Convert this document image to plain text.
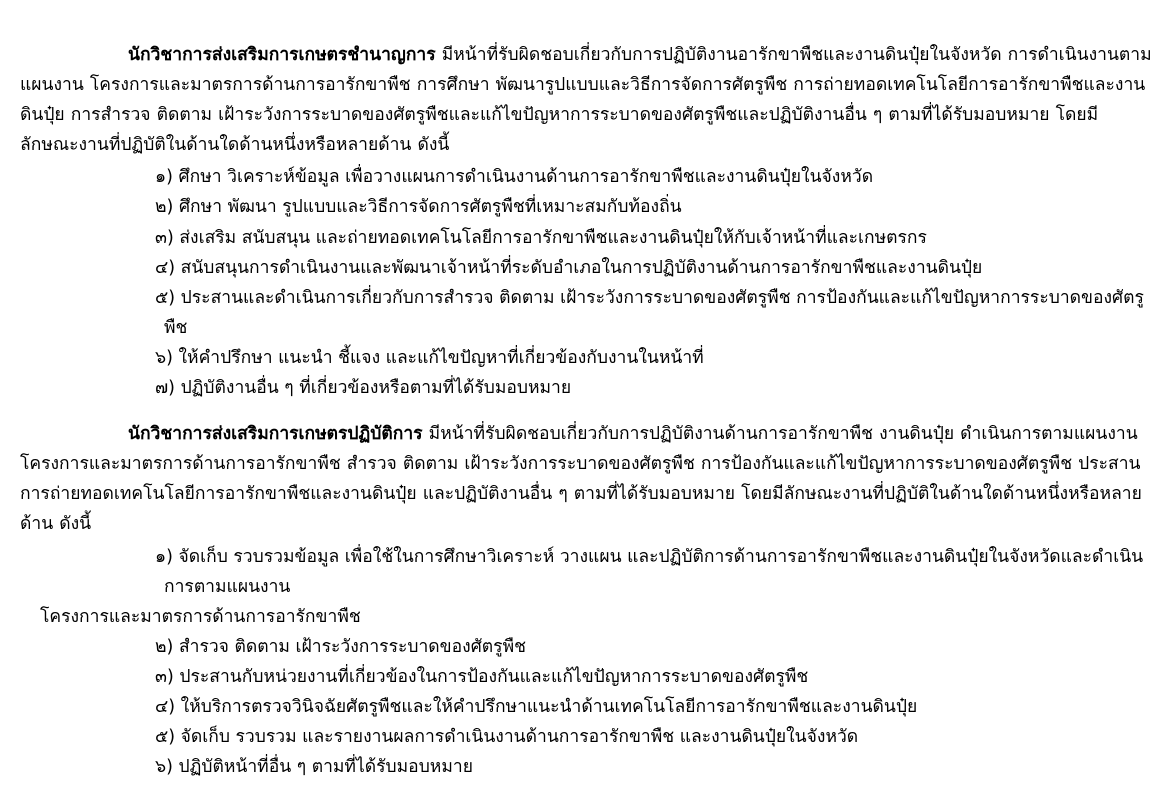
นักวิชาการส่งเสริมการเกษตรชำนาญการ มีหน้าที่รับผิดชอบเกี่ยวกับการปฏิบัติงานอารักขาพืชและงานดินปุ๋ยในจังหวัด การดำเนินงานตามแผนงาน โครงการและมาตรการด้านการอารักขาพืช การศึกษา พัฒนารูปแบบและวิธีการจัดการศัตรูพืช การถ่ายทอดเทคโนโลยีการอารักขาพืชและงานดินปุ๋ย การสำรวจ ติดตาม เฝ้าระวังการระบาดของศัตรูพืชและแก้ไขปัญหาการระบาดของศัตรูพืชและปฏิบัติงานอื่น ๆ ตามที่ได้รับมอบหมาย โดยมีลักษณะงานที่ปฏิบัติในด้านใดด้านหนึ่งหรือหลายด้าน ดังนี้

๑) ศึกษา วิเคราะห์ข้อมูล เพื่อวางแผนการดำเนินงานด้านการอารักขาพืชและงานดินปุ๋ยในจังหวัด
๒) ศึกษา พัฒนา รูปแบบและวิธีการจัดการศัตรูพืชที่เหมาะสมกับท้องถิ่น
๓) ส่งเสริม สนับสนุน และถ่ายทอดเทคโนโลยีการอารักขาพืชและงานดินปุ๋ยให้กับเจ้าหน้าที่และเกษตรกร
๔) สนับสนุนการดำเนินงานและพัฒนาเจ้าหน้าที่ระดับอำเภอในการปฏิบัติงานด้านการอารักขาพืชและงานดินปุ๋ย
๕) ประสานและดำเนินการเกี่ยวกับการสำรวจ ติดตาม เฝ้าระวังการระบาดของศัตรูพืช การป้องกันและแก้ไขปัญหาการระบาดของศัตรูพืช
๖) ให้คำปรึกษา แนะนำ ชี้แจง และแก้ไขปัญหาที่เกี่ยวข้องกับงานในหน้าที่
๗) ปฏิบัติงานอื่น ๆ ที่เกี่ยวข้องหรือตามที่ได้รับมอบหมาย

นักวิชาการส่งเสริมการเกษตรปฏิบัติการ มีหน้าที่รับผิดชอบเกี่ยวกับการปฏิบัติงานด้านการอารักขาพืช งานดินปุ๋ย ดำเนินการตามแผนงาน โครงการและมาตรการด้านการอารักขาพืช สำรวจ ติดตาม เฝ้าระวังการระบาดของศัตรูพืช การป้องกันและแก้ไขปัญหาการระบาดของศัตรูพืช ประสานการถ่ายทอดเทคโนโลยีการอารักขาพืชและงานดินปุ๋ย และปฏิบัติงานอื่น ๆ ตามที่ได้รับมอบหมาย โดยมีลักษณะงานที่ปฏิบัติในด้านใดด้านหนึ่งหรือหลายด้าน ดังนี้

๑) จัดเก็บ รวบรวมข้อมูล เพื่อใช้ในการศึกษาวิเคราะห์ วางแผน และปฏิบัติการด้านการอารักขาพืชและงานดินปุ๋ยในจังหวัดและดำเนินการตามแผนงาน
โครงการและมาตรการด้านการอารักขาพืช
๒) สำรวจ ติดตาม เฝ้าระวังการระบาดของศัตรูพืช
๓) ประสานกับหน่วยงานที่เกี่ยวข้องในการป้องกันและแก้ไขปัญหาการระบาดของศัตรูพืช
๔) ให้บริการตรวจวินิจฉัยศัตรูพืชและให้คำปรึกษาแนะนำด้านเทคโนโลยีการอารักขาพืชและงานดินปุ๋ย
๕) จัดเก็บ รวบรวม และรายงานผลการดำเนินงานด้านการอารักขาพืช และงานดินปุ๋ยในจังหวัด
๖) ปฏิบัติหน้าที่อื่น ๆ ตามที่ได้รับมอบหมาย
